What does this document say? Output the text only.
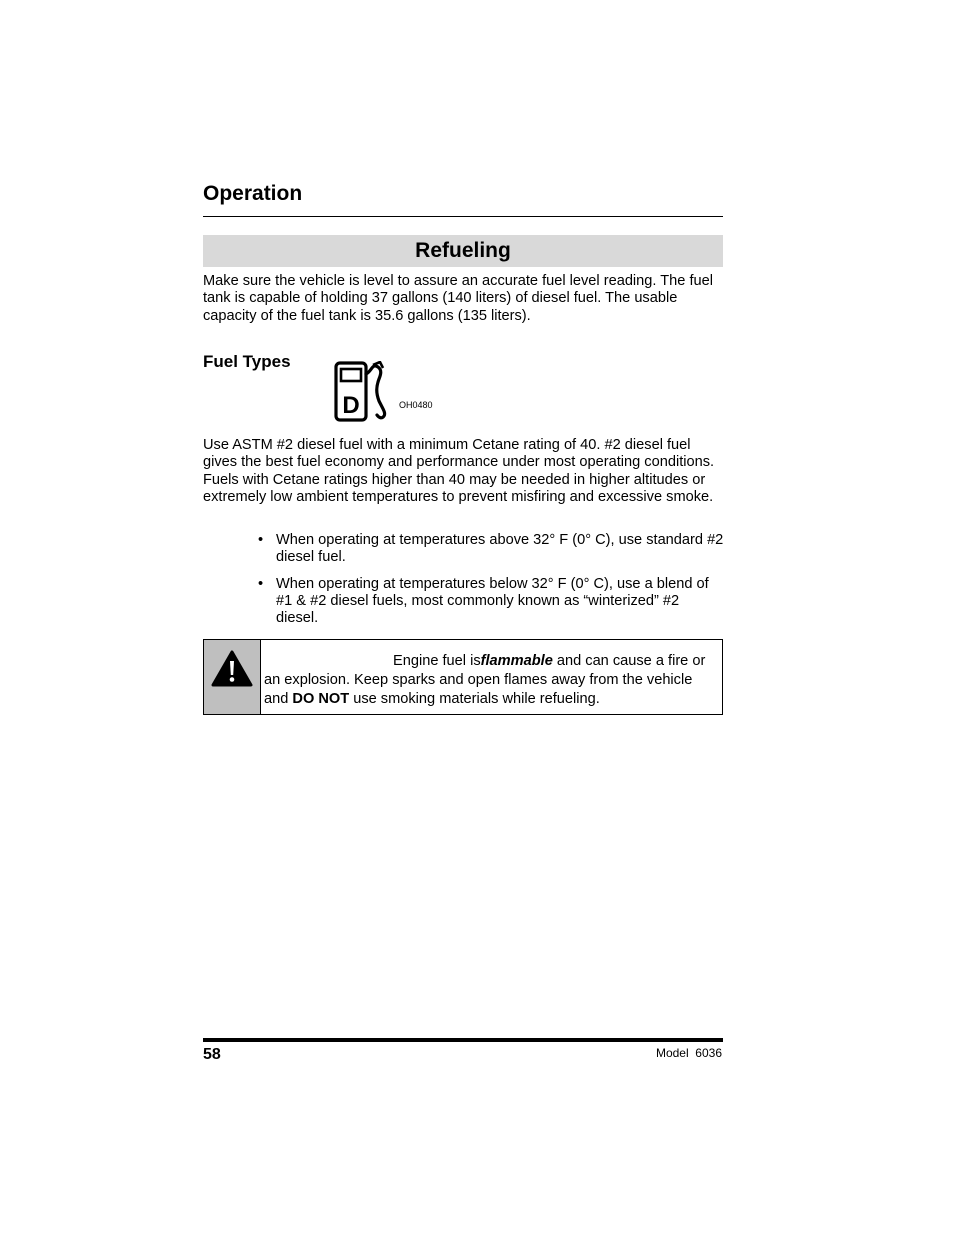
Operation
Refueling
Make sure the vehicle is level to assure an accurate fuel level reading. The fuel tank is capable of holding 37 gallons (140 liters) of diesel fuel. The usable capacity of the fuel tank is 35.6 gallons (135 liters).
Fuel Types
D	OH0480
Use ASTM #2 diesel fuel with a minimum Cetane rating of 40. #2 diesel fuel gives the best fuel economy and performance under most operating conditions. Fuels with Cetane ratings higher than 40 may be needed in higher altitudes or extremely low ambient temperatures to prevent misfiring and excessive smoke.
• When operating at temperatures above 32° F (0° C), use standard #2 diesel fuel.
• When operating at temperatures below 32° F (0° C), use a blend of #1 & #2 diesel fuels, most commonly known as “winterized” #2 diesel.
Engine fuel isflammable and can cause a fire or an explosion. Keep sparks and open flames away from the vehicle and DO NOT use smoking materials while refueling.
58	Model  6036
